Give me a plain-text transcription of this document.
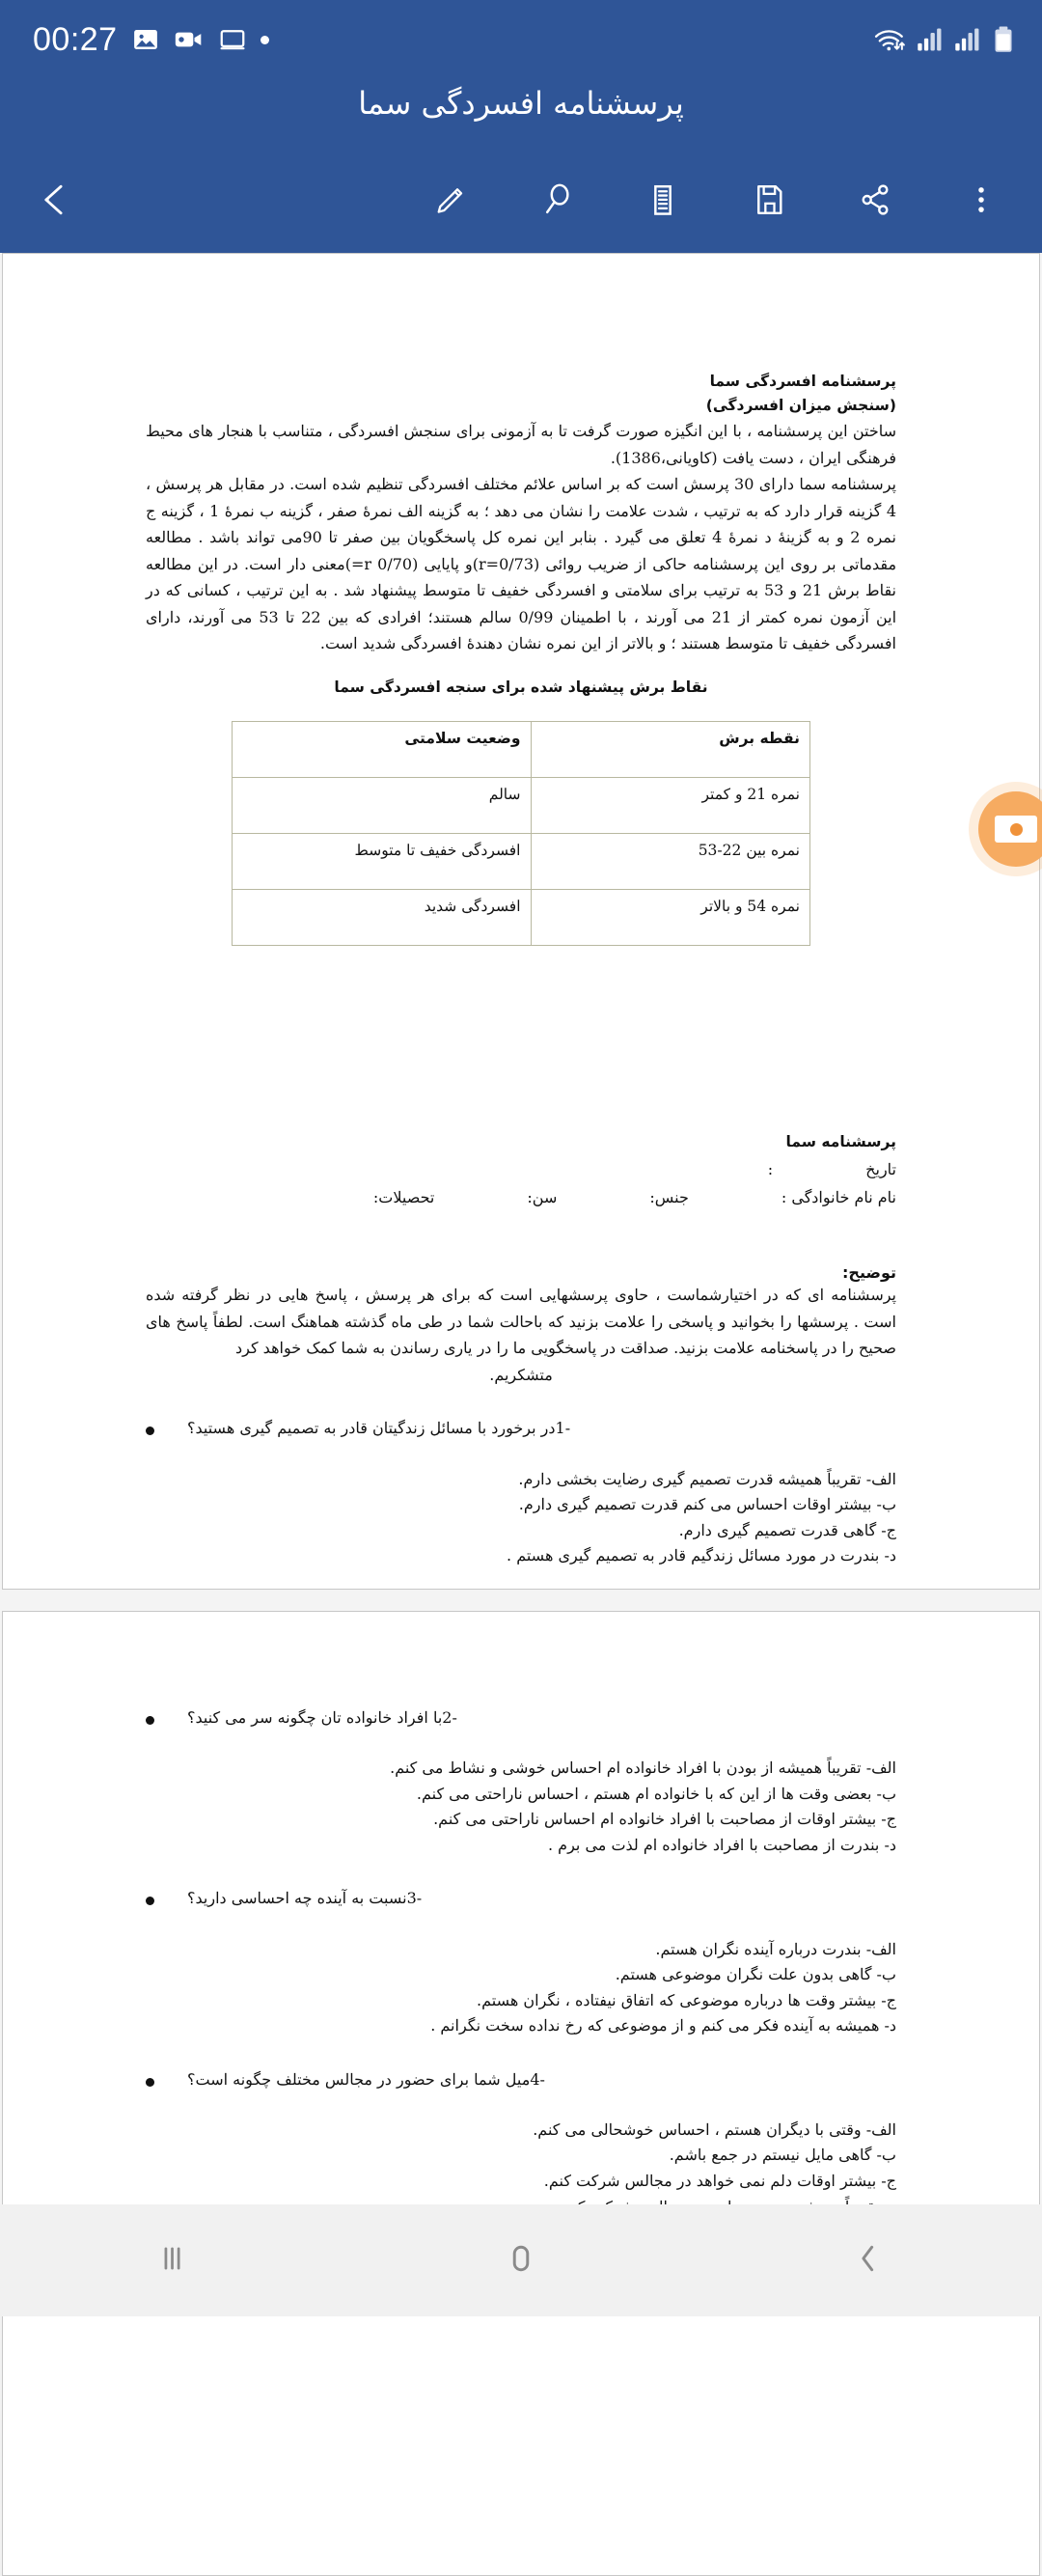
00:27
پرسشنامه افسردگی سما
پرسشنامه افسردگی سما
(سنجش میزان افسردگی)
ساختن این پرسشنامه ، با این انگیزه صورت گرفت تا به آزمونی برای سنجش افسردگی ، متناسب با هنجار های محیط فرهنگی ایران ، دست یافت (کاویانی،1386).
پرسشنامه سما دارای 30 پرسش است که بر اساس علائم مختلف افسردگی تنظیم شده است. در مقابل هر پرسش ، 4 گزینه قرار دارد که به ترتیب ، شدت علامت را نشان می دهد ؛ به گزینه الف نمرهٔ صفر ، گزینه ب نمرهٔ 1 ، گزینه ج نمره 2 و به گزینهٔ د نمرهٔ 4 تعلق می گیرد . بنابر این نمره کل پاسخگویان بین صفر تا 90می تواند باشد . مطالعه مقدماتی بر روی این پرسشنامه حاکی از ضریب روائی (r=0/73)و پایایی (0/70 r=)معنی دار است. در این مطالعه نقاط برش 21 و 53 به ترتیب برای سلامتی و افسردگی خفیف تا متوسط پیشنهاد شد . به این ترتیب ، کسانی که در این آزمون نمره کمتر از 21 می آورند ، با اطمینان 0/99 سالم هستند؛ افرادی که بین 22 تا 53 می آورند، دارای افسردگی خفیف تا متوسط هستند ؛ و بالاتر از این نمره نشان دهندهٔ افسردگی شدید است.
نقاط برش پیشنهاد شده برای سنجه افسردگی سما
نقطه برش	وضعیت سلامتی
نمره 21 و کمتر	سالم
نمره بین 22-53	افسردگی خفیف تا متوسط
نمره 54 و بالاتر	افسردگی شدید
پرسشنامه سما
تاریخ
:
نام نام خانوادگی :
جنس:
سن:
تحصیلات:
توضیح:
پرسشنامه ای که در اختیارشماست ، حاوی پرسشهایی است که برای هر پرسش ، پاسخ هایی در نظر گرفته شده است . پرسشها را بخوانید و پاسخی را علامت بزنید که باحالت شما در طی ماه گذشته هماهنگ است. لطفاً پاسخ های صحیح را در پاسخنامه علامت بزنید. صداقت در پاسخگویی ما را در یاری رساندن به شما کمک خواهد کرد
متشکریم.
-1در برخورد با مسائل زندگیتان قادر به تصمیم گیری هستید؟
الف- تقریباً همیشه قدرت تصمیم گیری رضایت بخشی دارم.
ب- بیشتر اوقات احساس می کنم قدرت تصمیم گیری دارم.
ج- گاهی قدرت تصمیم گیری دارم.
د- بندرت در مورد مسائل زندگیم قادر به تصمیم گیری هستم .
-2با افراد خانواده تان چگونه سر می کنید؟
الف- تقریباً همیشه از بودن با افراد خانواده ام احساس خوشی و نشاط می کنم.
ب- بعضی وقت ها از این که با خانواده ام هستم ، احساس ناراحتی می کنم.
ج- بیشتر اوقات از مصاحبت با افراد خانواده ام احساس ناراحتی می کنم.
د- بندرت از مصاحبت با افراد خانواده ام لذت می برم .
-3نسبت به آینده چه احساسی دارید؟
الف- بندرت درباره آینده نگران هستم.
ب- گاهی بدون علت نگران موضوعی هستم.
ج- بیشتر وقت ها درباره موضوعی که اتفاق نیفتاده ، نگران هستم.
د- همیشه به آینده فکر می کنم و از موضوعی که رخ نداده سخت نگرانم .
-4میل شما برای حضور در مجالس مختلف چگونه است؟
الف- وقتی با دیگران هستم ، احساس خوشحالی می کنم.
ب- گاهی مایل نیستم در جمع باشم.
ج- بیشتر اوقات دلم نمی خواهد در مجالس شرکت کنم.
